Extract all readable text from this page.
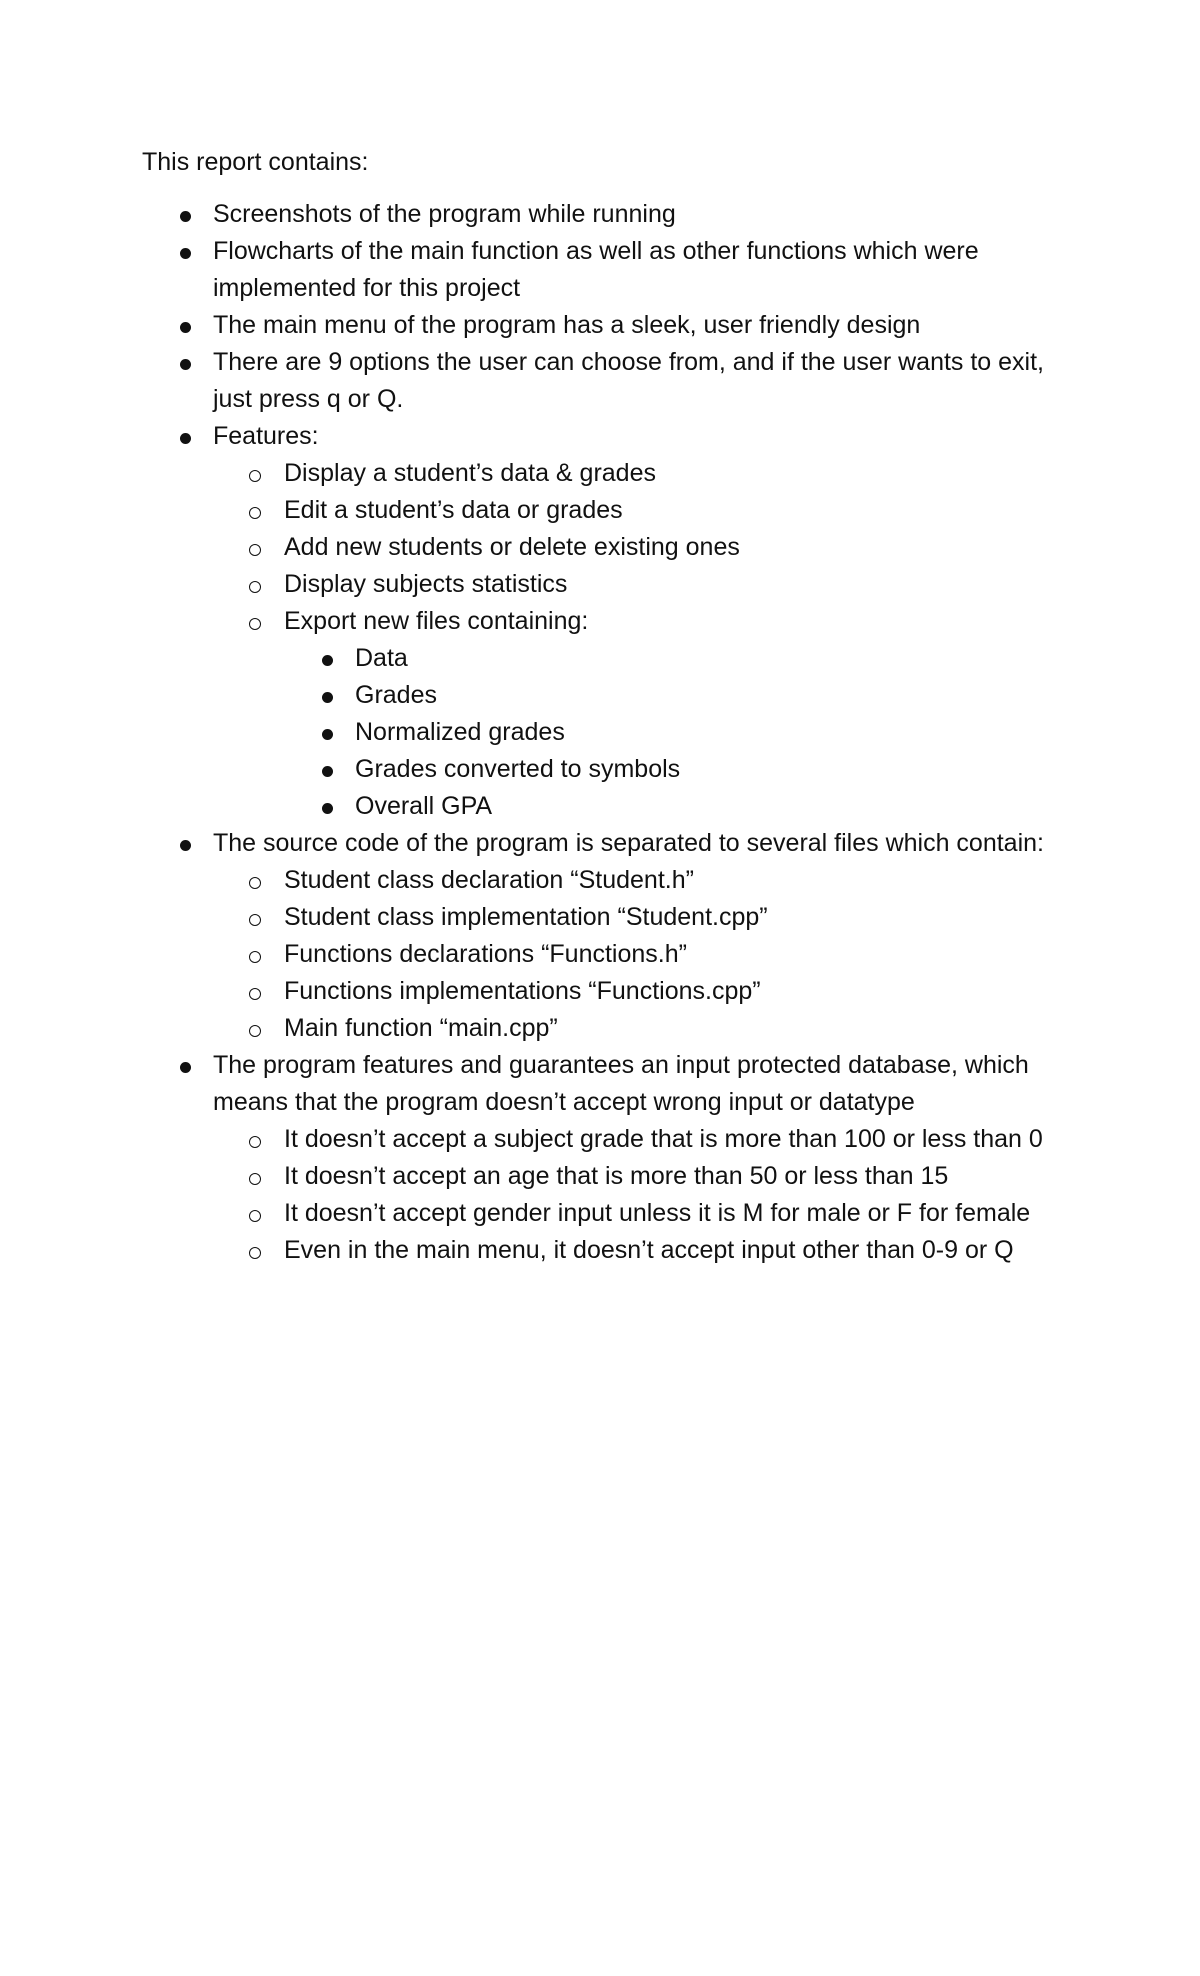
This report contains:

Screenshots of the program while running
Flowcharts of the main function as well as other functions which were implemented for this project
The main menu of the program has a sleek, user friendly design
There are 9 options the user can choose from, and if the user wants to exit, just press q or Q.
Features:
Display a student’s data & grades
Edit a student’s data or grades
Add new students or delete existing ones
Display subjects statistics
Export new files containing:
Data
Grades
Normalized grades
Grades converted to symbols
Overall GPA
The source code of the program is separated to several files which contain:
Student class declaration “Student.h”
Student class implementation “Student.cpp”
Functions declarations “Functions.h”
Functions implementations “Functions.cpp”
Main function “main.cpp”
The program features and guarantees an input protected database, which means that the program doesn’t accept wrong input or datatype
It doesn’t accept a subject grade that is more than 100 or less than 0
It doesn’t accept an age that is more than 50 or less than 15
It doesn’t accept gender input unless it is M for male or F for female
Even in the main menu, it doesn’t accept input other than 0-9 or Q
